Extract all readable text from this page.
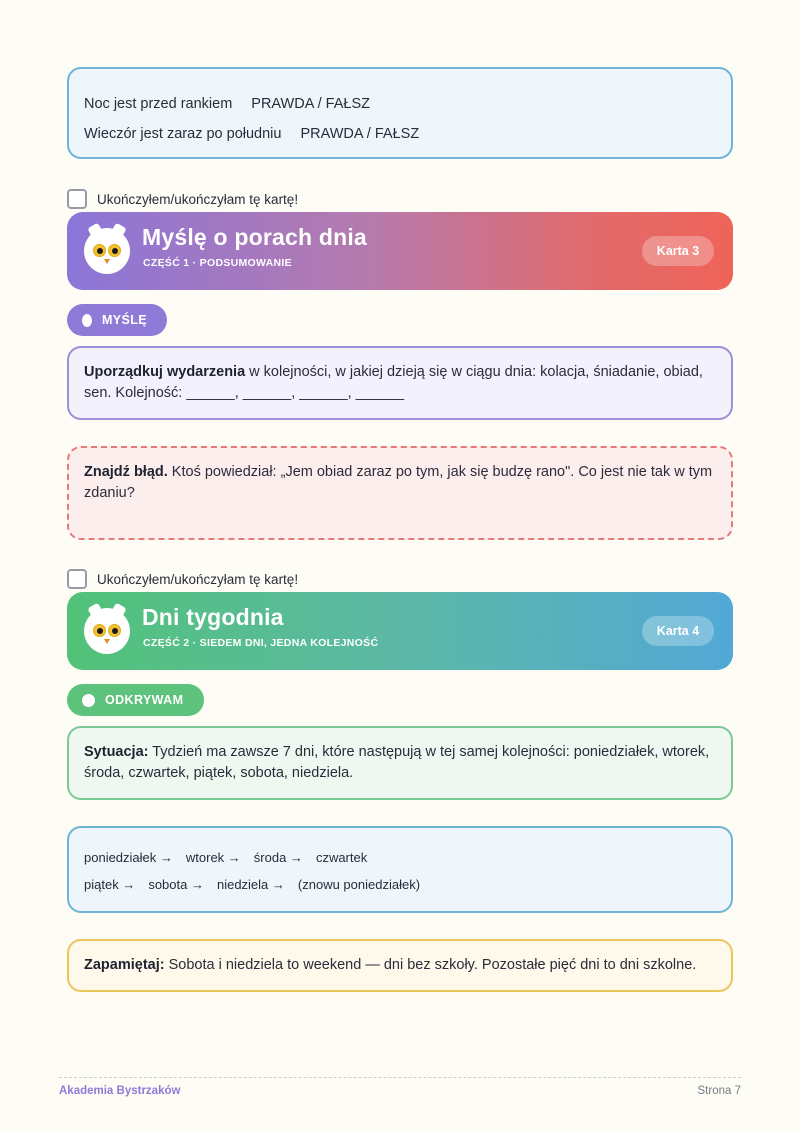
Noc jest przed rankiem PRAWDA / FAŁSZ
Wieczór jest zaraz po południu PRAWDA / FAŁSZ
Ukończyłem/ukończyłam tę kartę!
Myślę o porach dnia
CZĘŚĆ 1 · PODSUMOWANIE
Karta 3
MYŚLĘ
Uporządkuj wydarzenia w kolejności, w jakiej dzieją się w ciągu dnia: kolacja, śniadanie, obiad, sen. Kolejność: ______, ______, ______, ______
Znajdź błąd. Ktoś powiedział: „Jem obiad zaraz po tym, jak się budzę rano". Co jest nie tak w tym zdaniu?
Ukończyłem/ukończyłam tę kartę!
Dni tygodnia
CZĘŚĆ 2 · SIEDEM DNI, JEDNA KOLEJNOŚĆ
Karta 4
ODKRYWAM
Sytuacja: Tydzień ma zawsze 7 dni, które następują w tej samej kolejności: poniedziałek, wtorek, środa, czwartek, piątek, sobota, niedziela.
poniedziałek → wtorek → środa → czwartek
piątek → sobota → niedziela → (znowu poniedziałek)
Zapamiętaj: Sobota i niedziela to weekend — dni bez szkoły. Pozostałe pięć dni to dni szkolne.
Akademia Bystrzaków	Strona 7
